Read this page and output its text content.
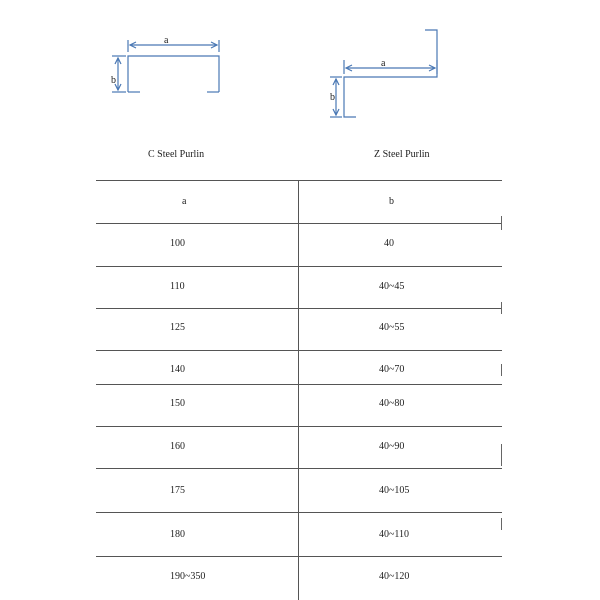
a
b
a
b
C Steel Purlin	Z Steel Purlin
a	b
100	40
110	40~45
125	40~55
140	40~70
150	40~80
160	40~90
175	40~105
180	40~110
190~350	40~120
